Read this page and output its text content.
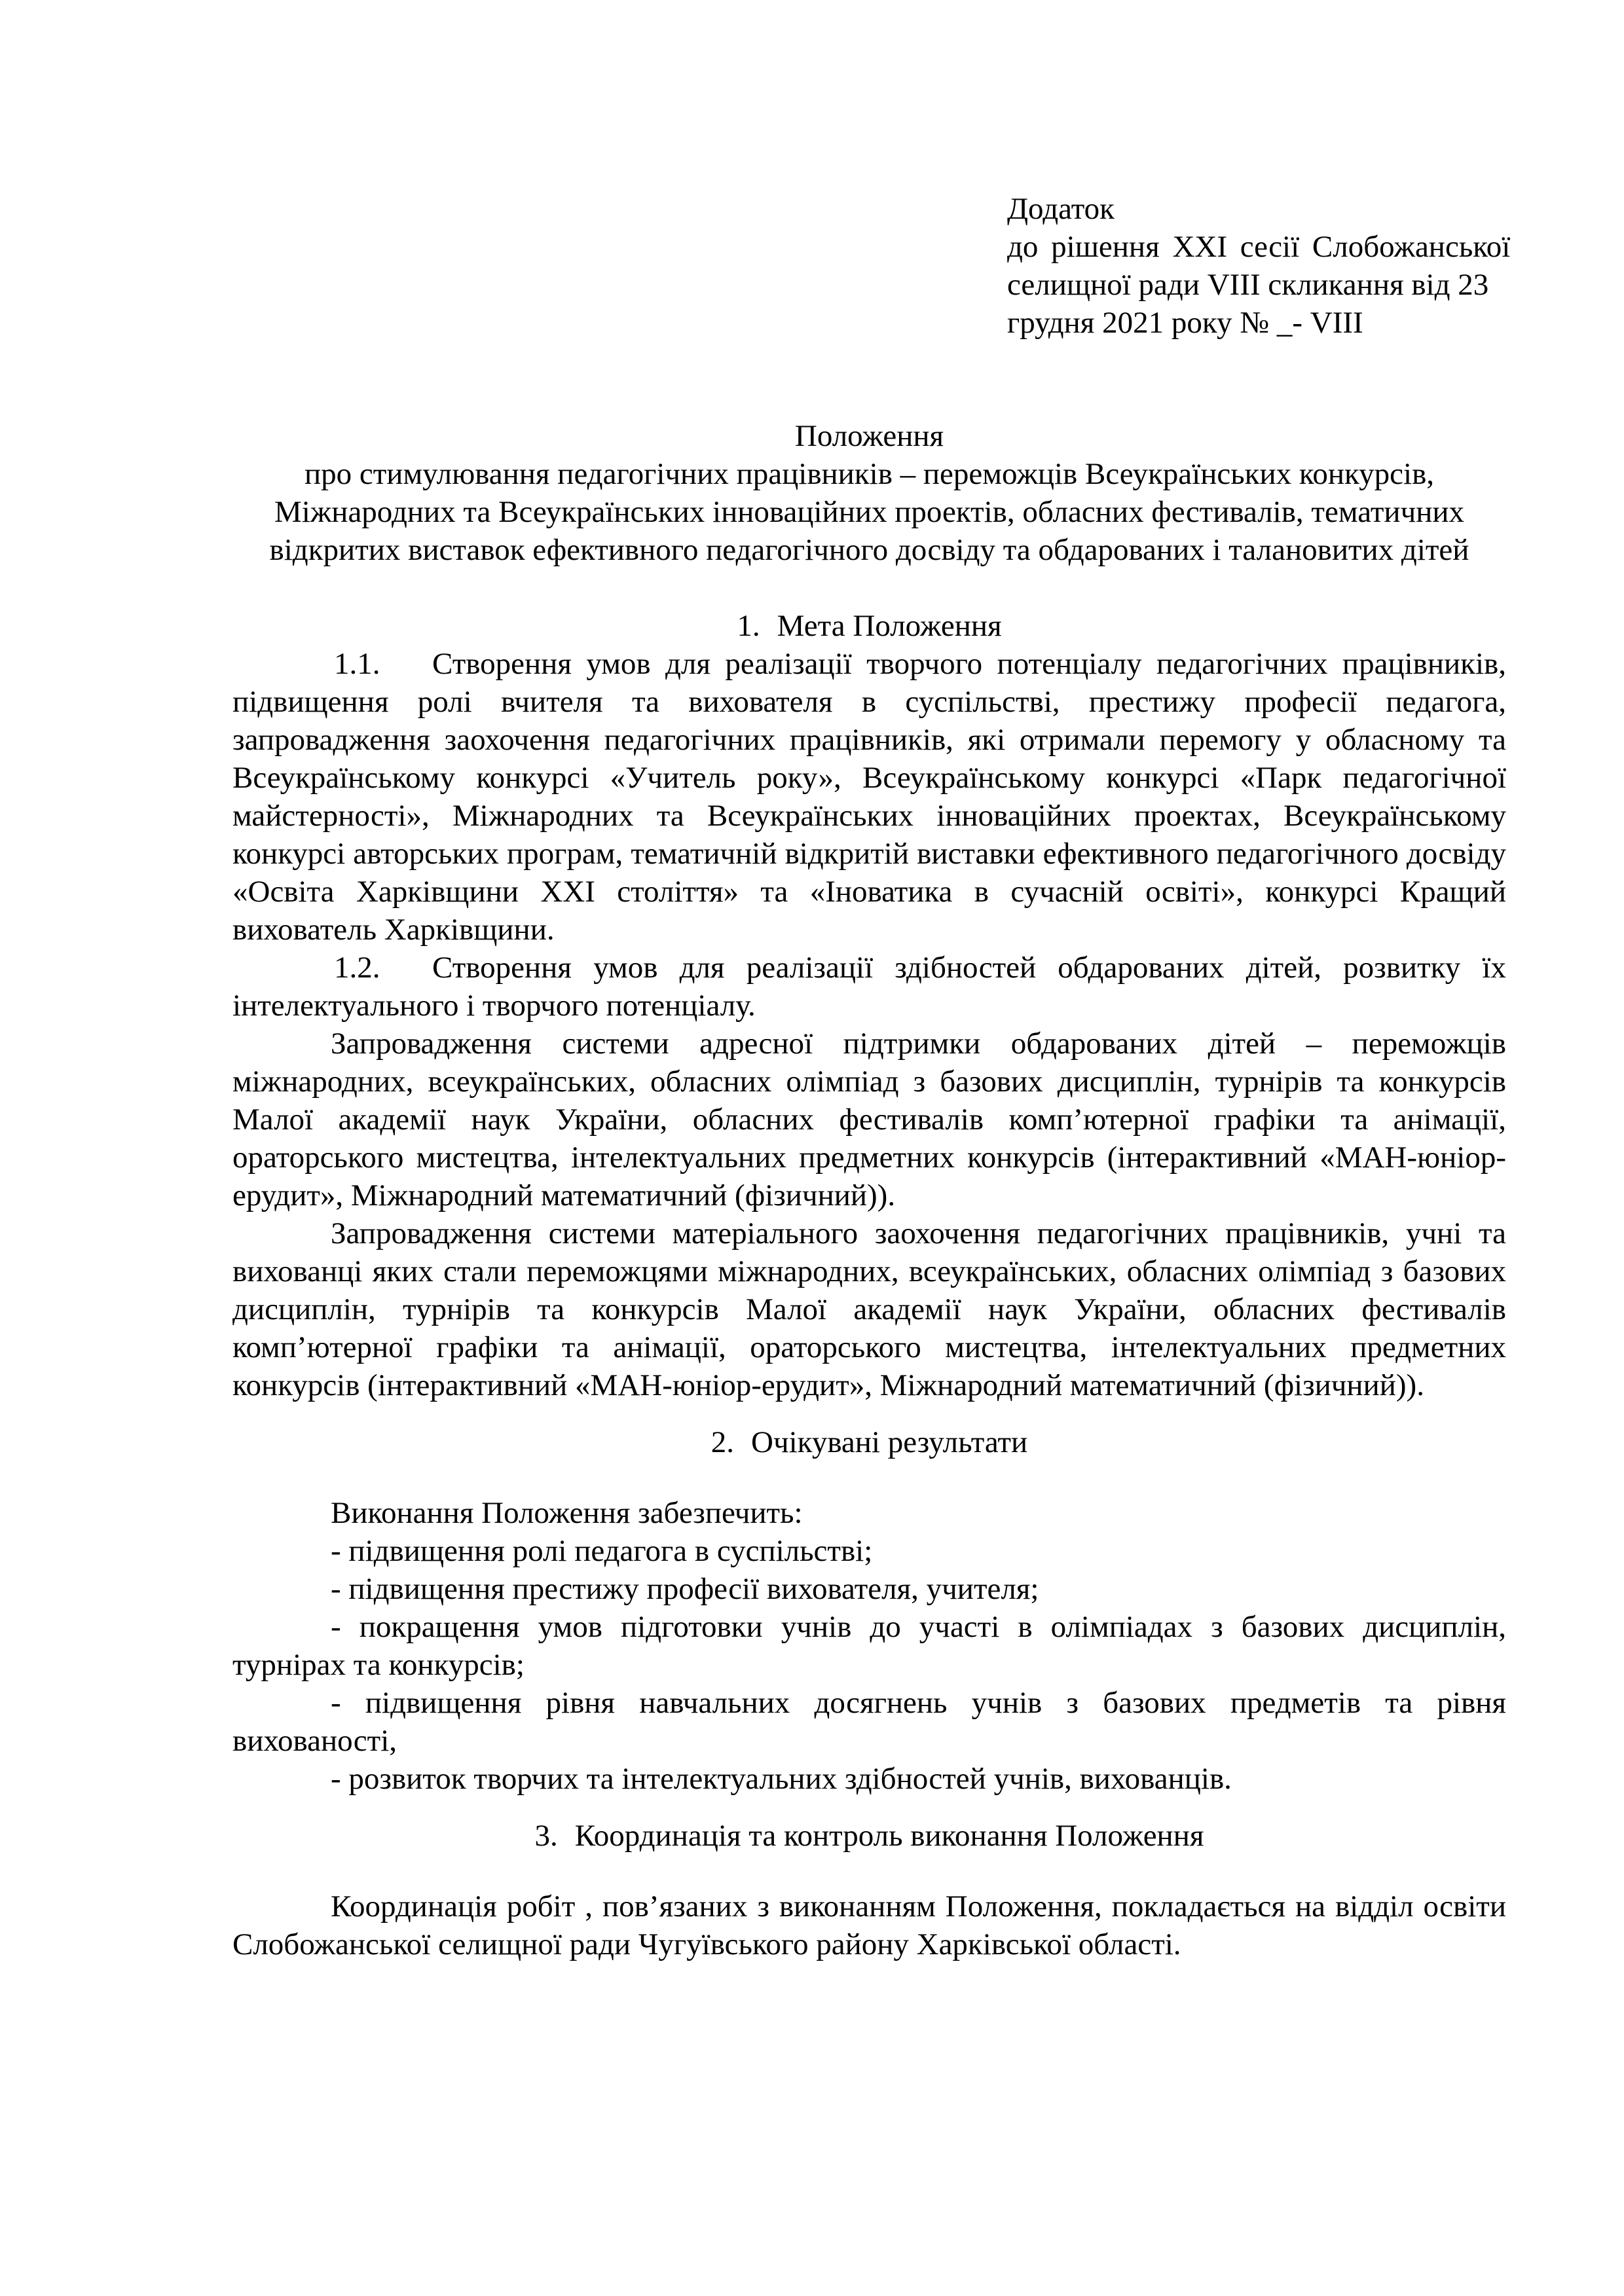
Додаток

до рішення XXI сесії Слобожанської

селищної ради VIII скликання від 23

грудня 2021 року № _- VIII

Положення

про стимулювання педагогічних працівників – переможців Всеукраїнських конкурсів, Міжнародних та Всеукраїнських інноваційних проектів, обласних фестивалів, тематичних відкритих виставок ефективного педагогічного досвіду та обдарованих і талановитих дітей

1. Мета Положення

1.1. Створення умов для реалізації творчого потенціалу педагогічних працівників, підвищення ролі вчителя та вихователя в суспільстві, престижу професії педагога, запровадження заохочення педагогічних працівників, які отримали перемогу у обласному та Всеукраїнському конкурсі «Учитель року», Всеукраїнському конкурсі «Парк педагогічної майстерності», Міжнародних та Всеукраїнських інноваційних проектах, Всеукраїнському конкурсі авторських програм, тематичній відкритій виставки ефективного педагогічного досвіду «Освіта Харківщини ХХІ століття» та «Іноватика в сучасній освіті», конкурсі Кращий вихователь Харківщини.

1.2. Створення умов для реалізації здібностей обдарованих дітей, розвитку їх інтелектуального і творчого потенціалу.

Запровадження системи адресної підтримки обдарованих дітей – переможців міжнародних, всеукраїнських, обласних олімпіад з базових дисциплін, турнірів та конкурсів Малої академії наук України, обласних фестивалів комп’ютерної графіки та анімації, ораторського мистецтва, інтелектуальних предметних конкурсів (інтерактивний «МАН-юніор-ерудит», Міжнародний математичний (фізичний)).

Запровадження системи матеріального заохочення педагогічних працівників, учні та вихованці яких стали переможцями міжнародних, всеукраїнських, обласних олімпіад з базових дисциплін, турнірів та конкурсів Малої академії наук України, обласних фестивалів комп’ютерної графіки та анімації, ораторського мистецтва, інтелектуальних предметних конкурсів (інтерактивний «МАН-юніор-ерудит», Міжнародний математичний (фізичний)).

2. Очікувані результати

Виконання Положення забезпечить:

- підвищення ролі педагога в суспільстві;

- підвищення престижу професії вихователя, учителя;

- покращення умов підготовки учнів до участі в олімпіадах з базових дисциплін, турнірах та конкурсів;

- підвищення рівня навчальних досягнень учнів з базових предметів та рівня вихованості,

- розвиток творчих та інтелектуальних здібностей учнів, вихованців.

3. Координація та контроль виконання Положення

Координація робіт , пов’язаних з виконанням Положення, покладається на відділ освіти Слобожанської селищної ради Чугуївського району Харківської області.
